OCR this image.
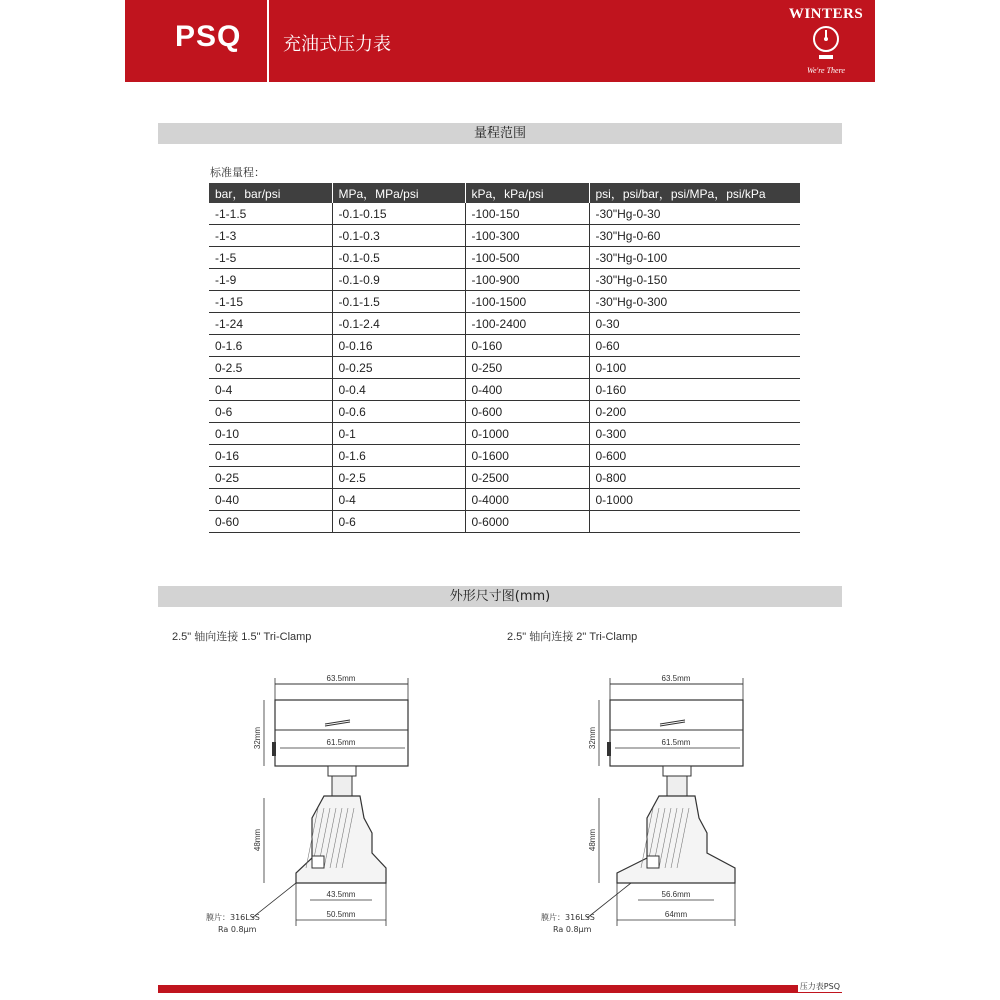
PSQ 充油式压力表
WINTERS
We're There
量程范围
标准量程：
bar，bar/psi	MPa，MPa/psi	kPa，kPa/psi	psi，psi/bar，psi/MPa，psi/kPa
-1-1.5	-0.1-0.15	-100-150	-30"Hg-0-30
-1-3	-0.1-0.3	-100-300	-30"Hg-0-60
-1-5	-0.1-0.5	-100-500	-30"Hg-0-100
-1-9	-0.1-0.9	-100-900	-30"Hg-0-150
-1-15	-0.1-1.5	-100-1500	-30"Hg-0-300
-1-24	-0.1-2.4	-100-2400	0-30
0-1.6	0-0.16	0-160	0-60
0-2.5	0-0.25	0-250	0-100
0-4	0-0.4	0-400	0-160
0-6	0-0.6	0-600	0-200
0-10	0-1	0-1000	0-300
0-16	0-1.6	0-1600	0-600
0-25	0-2.5	0-2500	0-800
0-40	0-4	0-4000	0-1000
0-60	0-6	0-6000	
外形尺寸图(mm)
2.5" 轴向连接 1.5" Tri-Clamp	2.5" 轴向连接 2" Tri-Clamp
63.5mm
61.5mm
32mm
48mm
43.5mm
50.5mm
膜片：316LSS
Ra 0.8μm
63.5mm
61.5mm
32mm
48mm
56.6mm
64mm
膜片：316LSS
Ra 0.8μm
压力表PSQ
